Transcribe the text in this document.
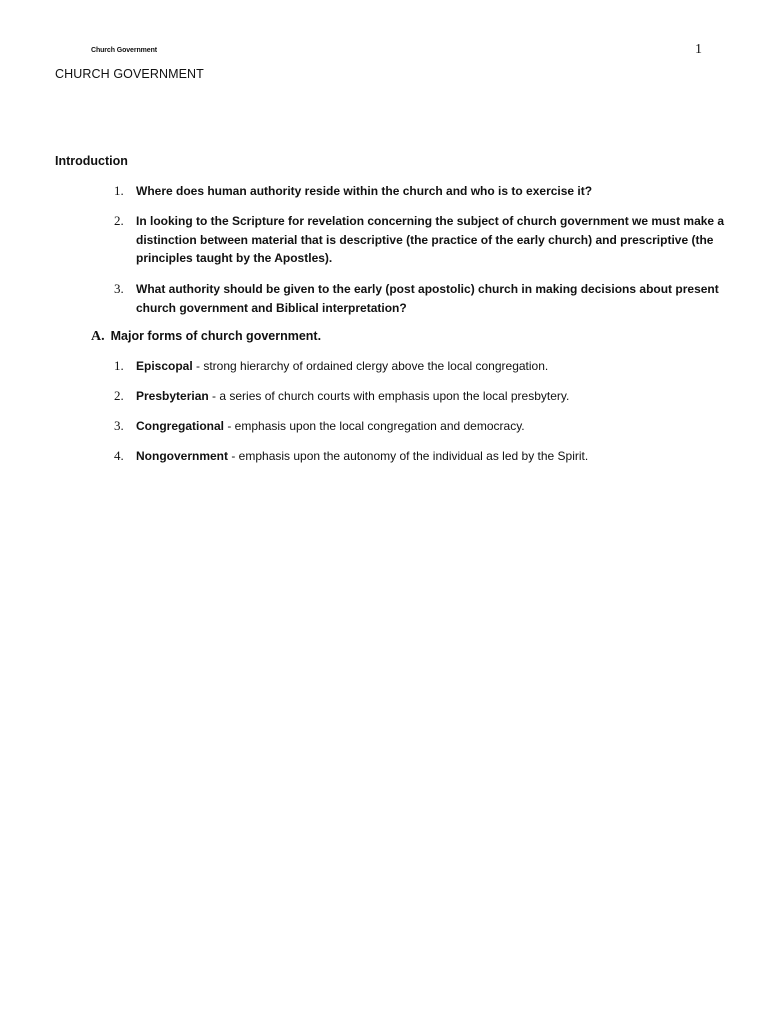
Church Government	1
CHURCH GOVERNMENT
Introduction
1. Where does human authority reside within the church and who is to exercise it?
2. In looking to the Scripture for revelation concerning the subject of church government we must make a distinction between material that is descriptive (the practice of the early church) and prescriptive (the principles taught by the Apostles).
3. What authority should be given to the early (post apostolic) church in making decisions about present church government and Biblical interpretation?
A. Major forms of church government.
1. Episcopal - strong hierarchy of ordained clergy above the local congregation.
2. Presbyterian - a series of church courts with emphasis upon the local presbytery.
3. Congregational - emphasis upon the local congregation and democracy.
4. Nongovernment - emphasis upon the autonomy of the individual as led by the Spirit.
